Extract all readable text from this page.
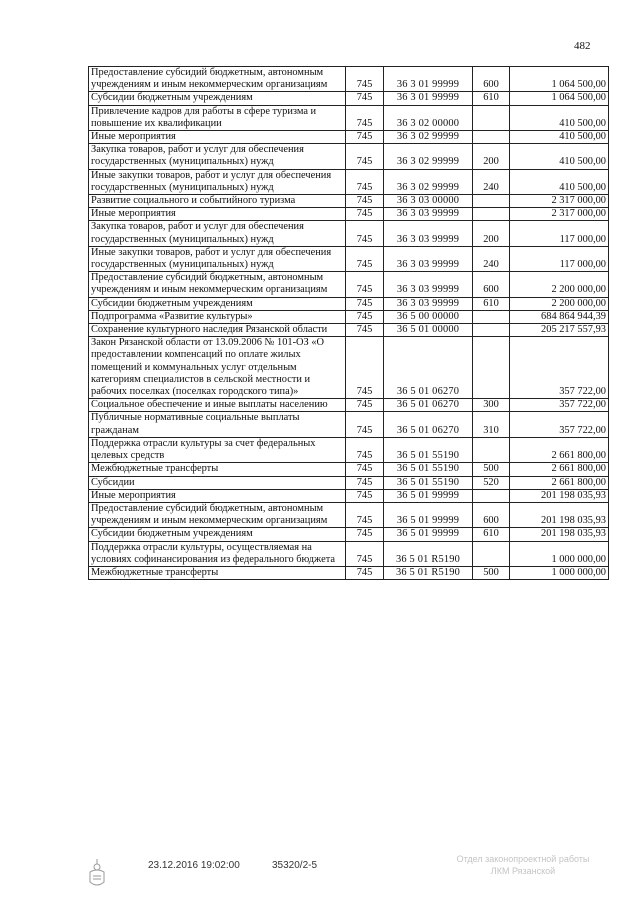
482
Предоставление субсидий бюджетным, автономным учреждениям и иным некоммерческим организациям	745	36 3 01 99999	600	1 064 500,00
Субсидии бюджетным учреждениям	745	36 3 01 99999	610	1 064 500,00
Привлечение кадров для работы в сфере туризма и повышение их квалификации	745	36 3 02 00000		410 500,00
Иные мероприятия	745	36 3 02 99999		410 500,00
Закупка товаров, работ и услуг для обеспечения государственных (муниципальных) нужд	745	36 3 02 99999	200	410 500,00
Иные закупки товаров, работ и услуг для обеспечения государственных (муниципальных) нужд	745	36 3 02 99999	240	410 500,00
Развитие социального и событийного туризма	745	36 3 03 00000		2 317 000,00
Иные мероприятия	745	36 3 03 99999		2 317 000,00
Закупка товаров, работ и услуг для обеспечения государственных (муниципальных) нужд	745	36 3 03 99999	200	117 000,00
Иные закупки товаров, работ и услуг для обеспечения государственных (муниципальных) нужд	745	36 3 03 99999	240	117 000,00
Предоставление субсидий бюджетным, автономным учреждениям и иным некоммерческим организациям	745	36 3 03 99999	600	2 200 000,00
Субсидии бюджетным учреждениям	745	36 3 03 99999	610	2 200 000,00
Подпрограмма «Развитие культуры»	745	36 5 00 00000		684 864 944,39
Сохранение культурного наследия Рязанской области	745	36 5 01 00000		205 217 557,93
Закон Рязанской области от 13.09.2006 № 101-ОЗ «О предоставлении компенсаций по оплате жилых помещений и коммунальных услуг отдельным категориям специалистов в сельской местности и рабочих поселках (поселках городского типа)»	745	36 5 01 06270		357 722,00
Социальное обеспечение и иные выплаты населению	745	36 5 01 06270	300	357 722,00
Публичные нормативные социальные выплаты гражданам	745	36 5 01 06270	310	357 722,00
Поддержка отрасли культуры за счет федеральных целевых средств	745	36 5 01 55190		2 661 800,00
Межбюджетные трансферты	745	36 5 01 55190	500	2 661 800,00
Субсидии	745	36 5 01 55190	520	2 661 800,00
Иные мероприятия	745	36 5 01 99999		201 198 035,93
Предоставление субсидий бюджетным, автономным учреждениям и иным некоммерческим организациям	745	36 5 01 99999	600	201 198 035,93
Субсидии бюджетным учреждениям	745	36 5 01 99999	610	201 198 035,93
Поддержка отрасли культуры, осуществляемая на условиях софинансирования из федерального бюджета	745	36 5 01 R5190		1 000 000,00
Межбюджетные трансферты	745	36 5 01 R5190	500	1 000 000,00
23.12.2016 19:02:00	35320/2-5
Отдел законопроектной работы
ЛКМ Рязанской
